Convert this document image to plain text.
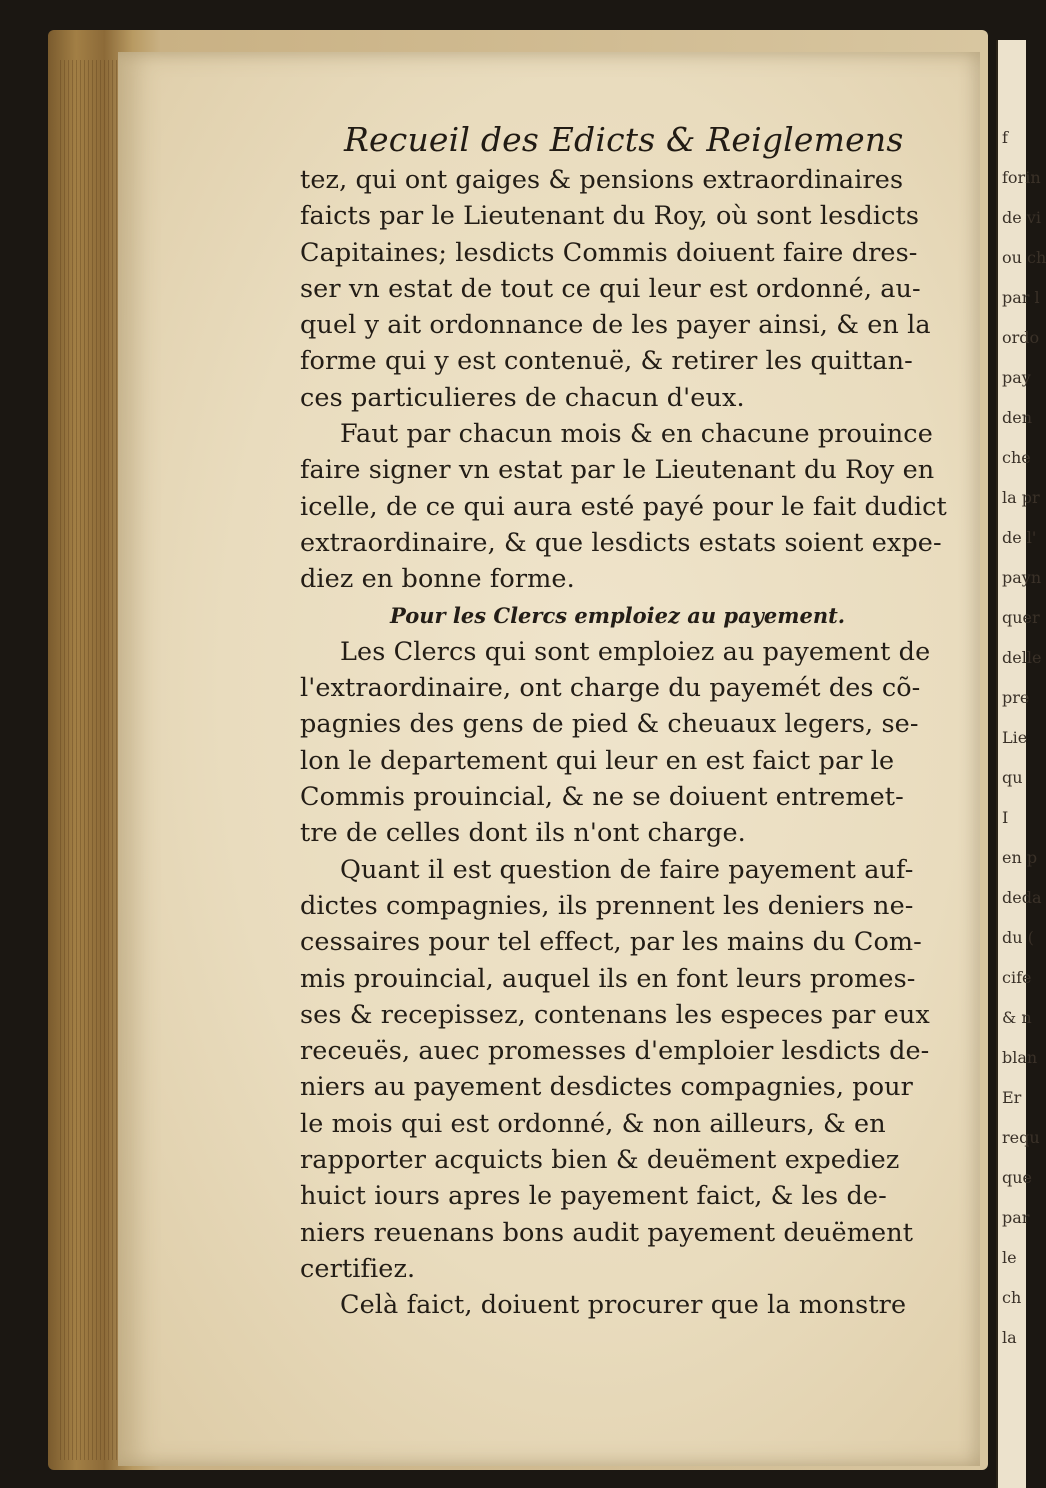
Recueil des Edicts & Reiglemens
tez, qui ont gaiges & pensions extraordinaires
faicts par le Lieutenant du Roy, où sont lesdicts
Capitaines; lesdicts Commis doiuent faire dres-
ser vn estat de tout ce qui leur est ordonné, au-
quel y ait ordonnance de les payer ainsi, & en la
forme qui y est contenuë, & retirer les quittan-
ces particulieres de chacun d'eux.
Faut par chacun mois & en chacune prouince
faire signer vn estat par le Lieutenant du Roy en
icelle, de ce qui aura esté payé pour le fait dudict
extraordinaire, & que lesdicts estats soient expe-
diez en bonne forme.
Pour les Clercs emploiez au payement.
Les Clercs qui sont emploiez au payement de
l'extraordinaire, ont charge du payemét des cõ-
pagnies des gens de pied & cheuaux legers, se-
lon le departement qui leur en est faict par le
Commis prouincial, & ne se doiuent entremet-
tre de celles dont ils n'ont charge.
Quant il est question de faire payement auf-
dictes compagnies, ils prennent les deniers ne-
cessaires pour tel effect, par les mains du Com-
mis prouincial, auquel ils en font leurs promes-
ses & recepissez, contenans les especes par eux
receuës, auec promesses d'emploier lesdicts de-
niers au payement desdictes compagnies, pour
le mois qui est ordonné, & non ailleurs, & en
rapporter acquicts bien & deuëment expediez
huict iours apres le payement faict, & les de-
niers reuenans bons audit payement deuëment
certifiez.
Celà faict, doiuent procurer que la monstre
f
forin
de vi
ou ch
par l
ordo
pay
den
che
la pr
de l'
payn
quer
delle
pre
Lie
qu
I
en p
deda
du (
cife
& n
blan
Er
requ
que
par
le
ch
la
